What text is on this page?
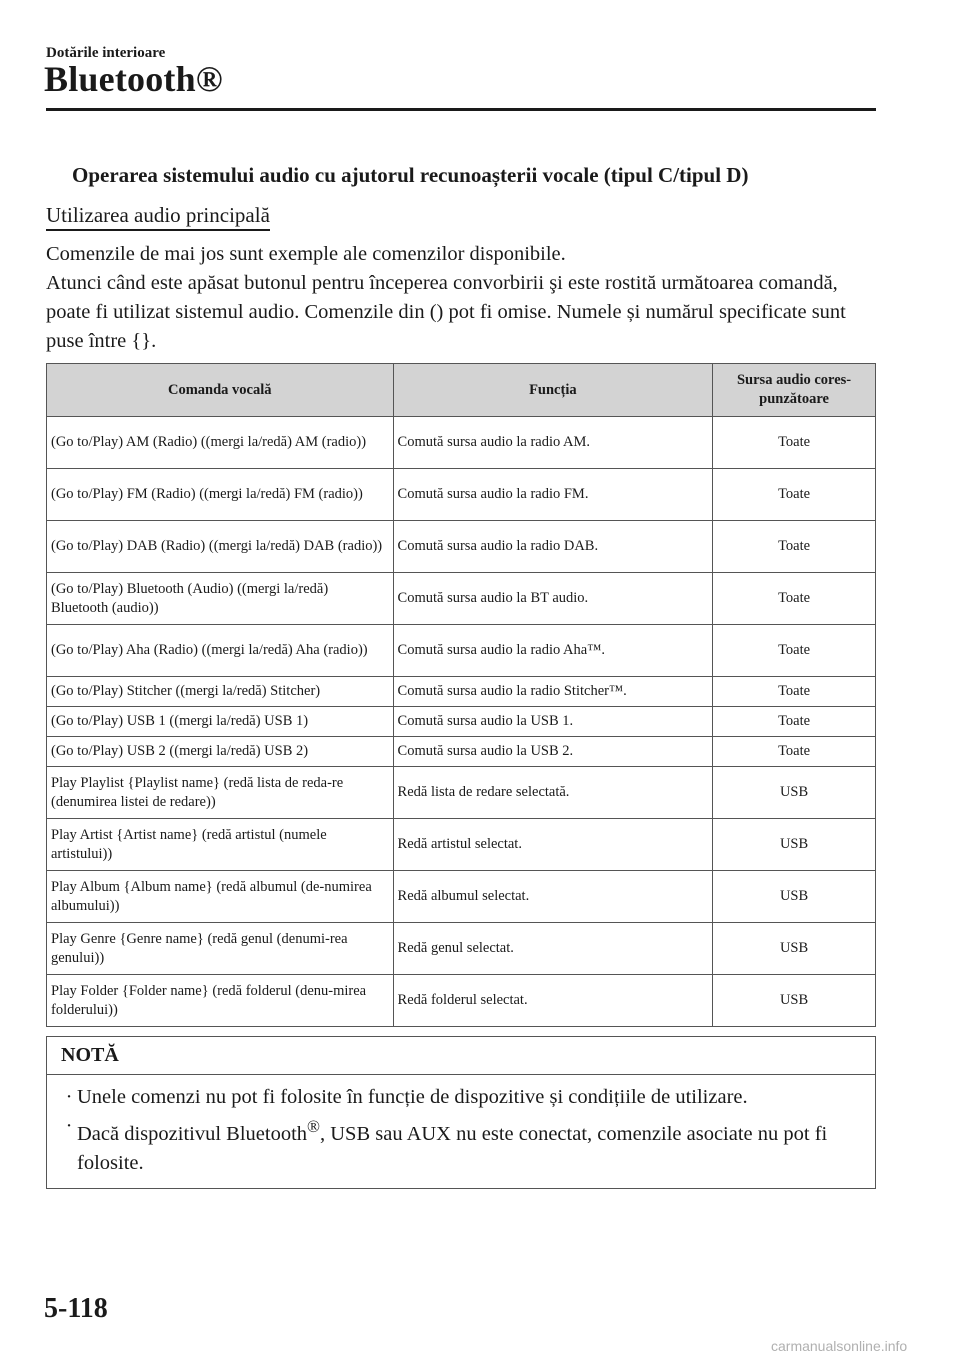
Dotările interioare
Bluetooth®
Operarea sistemului audio cu ajutorul recunoașterii vocale (tipul C/tipul D)
Utilizarea audio principală

Comenzile de mai jos sunt exemple ale comenzilor disponibile.

Atunci când este apăsat butonul pentru începerea convorbirii şi este rostită următoarea comandă, poate fi utilizat sistemul audio. Comenzile din () pot fi omise. Numele și numărul specificate sunt puse între {}.

Comanda vocală	Funcția	Sursa audio cores-punzătoare
(Go to/Play) AM (Radio) ((mergi la/redă) AM (radio))	Comută sursa audio la radio AM.	Toate
(Go to/Play) FM (Radio) ((mergi la/redă) FM (radio))	Comută sursa audio la radio FM.	Toate
(Go to/Play) DAB (Radio) ((mergi la/redă) DAB (radio))	Comută sursa audio la radio DAB.	Toate
(Go to/Play) Bluetooth (Audio) ((mergi la/redă) Bluetooth (audio))	Comută sursa audio la BT audio.	Toate
(Go to/Play) Aha (Radio) ((mergi la/redă) Aha (radio))	Comută sursa audio la radio Aha™.	Toate
(Go to/Play) Stitcher ((mergi la/redă) Stitcher)	Comută sursa audio la radio Stitcher™.	Toate
(Go to/Play) USB 1 ((mergi la/redă) USB 1)	Comută sursa audio la USB 1.	Toate
(Go to/Play) USB 2 ((mergi la/redă) USB 2)	Comută sursa audio la USB 2.	Toate
Play Playlist {Playlist name} (redă lista de reda-re (denumirea listei de redare))	Redă lista de redare selectată.	USB
Play Artist {Artist name} (redă artistul (numele artistului))	Redă artistul selectat.	USB
Play Album {Album name} (redă albumul (de-numirea albumului))	Redă albumul selectat.	USB
Play Genre {Genre name} (redă genul (denumi-rea genului))	Redă genul selectat.	USB
Play Folder {Folder name} (redă folderul (denu-mirea folderului))	Redă folderul selectat.	USB
NOTĂ
· Unele comenzi nu pot fi folosite în funcție de dispozitive și condițiile de utilizare.
· Dacă dispozitivul Bluetooth®, USB sau AUX nu este conectat, comenzile asociate nu pot fi folosite.
5-118
carmanualsonline.info
